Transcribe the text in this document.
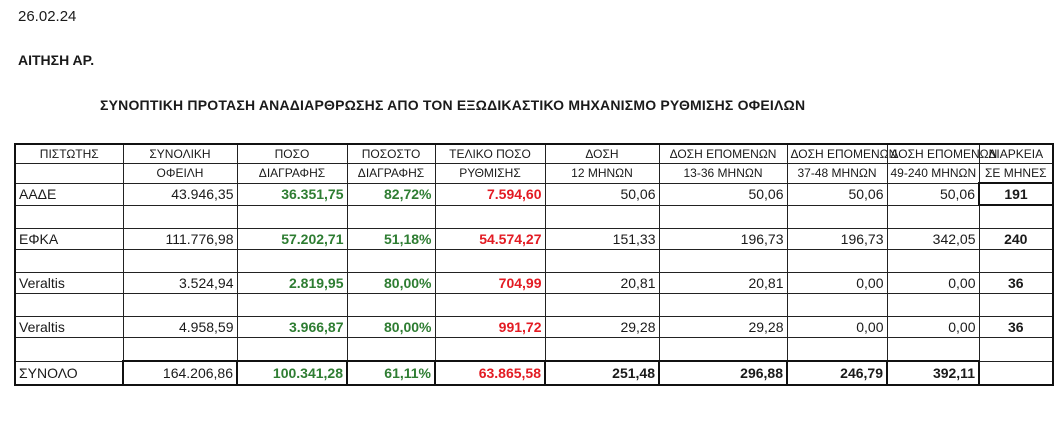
26.02.24
ΑΙΤΗΣΗ ΑΡ.
ΣΥΝΟΠΤΙΚΗ ΠΡΟΤΑΣΗ ΑΝΑΔΙΑΡΘΡΩΣΗΣ ΑΠΟ ΤΟΝ ΕΞΩΔΙΚΑΣΤΙΚΟ ΜΗΧΑΝΙΣΜΟ ΡΥΘΜΙΣΗΣ ΟΦΕΙΛΩΝ
ΠΙΣΤΩΤΗΣ	ΣΥΝΟΛΙΚΗ	ΠΟΣΟ	ΠΟΣΟΣΤΟ	ΤΕΛΙΚΟ ΠΟΣΟ	ΔΟΣΗ	ΔΟΣΗ ΕΠΟΜΕΝΩΝ	ΔΟΣΗ ΕΠΟΜΕΝΩΝ	ΔΟΣΗ ΕΠΟΜΕΝΩΝ	ΔΙΑΡΚΕΙΑ
	ΟΦΕΙΛΗ	ΔΙΑΓΡΑΦΗΣ	ΔΙΑΓΡΑΦΗΣ	ΡΥΘΜΙΣΗΣ	12 ΜΗΝΩΝ	13-36 ΜΗΝΩΝ	37-48 ΜΗΝΩΝ	49-240 ΜΗΝΩΝ	ΣΕ ΜΗΝΕΣ
ΑΑΔΕ	43.946,35	36.351,75	82,72%	7.594,60	50,06	50,06	50,06	50,06	191

ΕΦΚΑ	111.776,98	57.202,71	51,18%	54.574,27	151,33	196,73	196,73	342,05	240

Veraltis	3.524,94	2.819,95	80,00%	704,99	20,81	20,81	0,00	0,00	36

Veraltis	4.958,59	3.966,87	80,00%	991,72	29,28	29,28	0,00	0,00	36

ΣΥΝΟΛΟ	164.206,86	100.341,28	61,11%	63.865,58	251,48	296,88	246,79	392,11	
